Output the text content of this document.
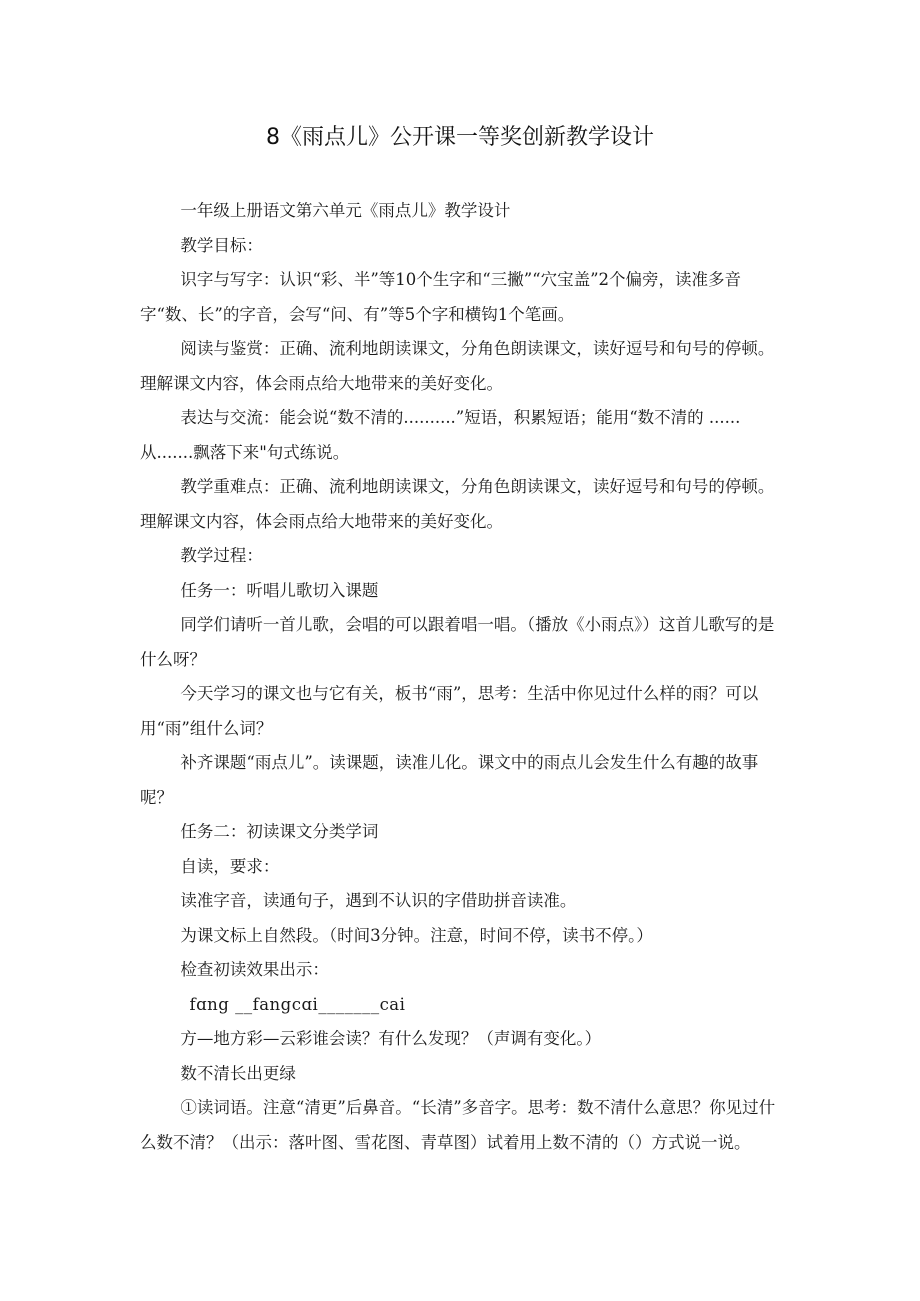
8《雨点儿》公开课一等奖创新教学设计

一年级上册语文第六单元《雨点儿》教学设计

教学目标：

识字与写字：认识“彩、半”等10个生字和“三撇”“穴宝盖”2个偏旁，读准多音字“数、长”的字音，会写“问、有”等5个字和横钩1个笔画。

阅读与鉴赏：正确、流利地朗读课文，分角色朗读课文，读好逗号和句号的停顿。理解课文内容，体会雨点给大地带来的美好变化。

表达与交流：能会说“数不清的..........”短语，积累短语；能用“数不清的 ......从.......飘落下来"句式练说。

教学重难点：正确、流利地朗读课文，分角色朗读课文，读好逗号和句号的停顿。理解课文内容，体会雨点给大地带来的美好变化。

教学过程：

任务一：听唱儿歌切入课题

同学们请听一首儿歌，会唱的可以跟着唱一唱。（播放《小雨点》）这首儿歌写的是什么呀？

今天学习的课文也与它有关，板书“雨”，思考：生活中你见过什么样的雨？可以用“雨”组什么词？

补齐课题“雨点儿”。读课题，读准儿化。课文中的雨点儿会发生什么有趣的故事呢？

任务二：初读课文分类学词

自读，要求：

读准字音，读通句子，遇到不认识的字借助拼音读准。

为课文标上自然段。（时间3分钟。注意，时间不停，读书不停。）

检查初读效果出示：

fɑng __fangcɑi_______cai

方—地方彩—云彩谁会读？有什么发现？（声调有变化。）

数不清长出更绿

①读词语。注意“清更”后鼻音。“长清”多音字。思考：数不清什么意思？你见过什么数不清？（出示：落叶图、雪花图、青草图）试着用上数不清的（）方式说一说。
